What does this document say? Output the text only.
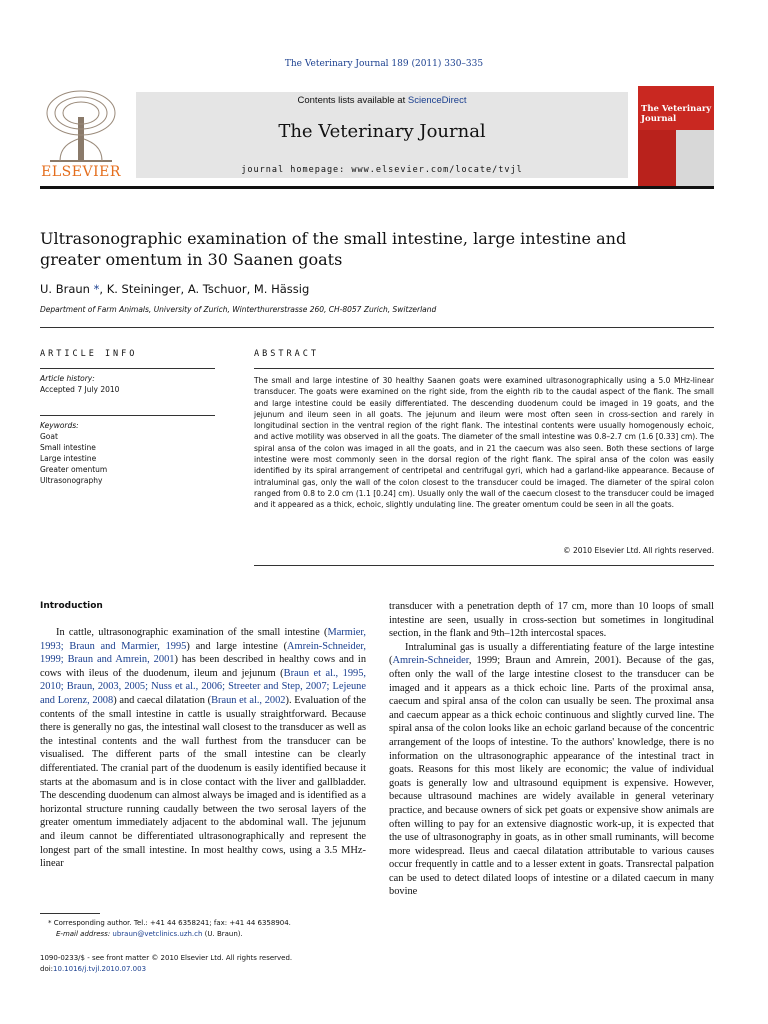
The Veterinary Journal 189 (2011) 330–335
ELSEVIER
Contents lists available at ScienceDirect
The Veterinary Journal
journal homepage: www.elsevier.com/locate/tvjl
The Veterinary Journal
Ultrasonographic examination of the small intestine, large intestine and greater omentum in 30 Saanen goats
U. Braun *, K. Steininger, A. Tschuor, M. Hässig
Department of Farm Animals, University of Zurich, Winterthurerstrasse 260, CH-8057 Zurich, Switzerland
ARTICLE INFO	ABSTRACT
Article history:
Accepted 7 July 2010
Keywords:
Goat
Small intestine
Large intestine
Greater omentum
Ultrasonography
The small and large intestine of 30 healthy Saanen goats were examined ultrasonographically using a 5.0 MHz-linear transducer. The goats were examined on the right side, from the eighth rib to the caudal aspect of the flank. The small and large intestine could be easily differentiated. The descending duodenum could be imaged in 19 goats, and the jejunum and ileum seen in all goats. The jejunum and ileum were most often seen in cross-section and rarely in longitudinal section in the ventral region of the right flank. The intestinal contents were usually homogenously echoic, and active motility was observed in all the goats. The diameter of the small intestine was 0.8–2.7 cm (1.6 [0.33] cm). The spiral ansa of the colon was imaged in all the goats, and in 21 the caecum was also seen. Both these sections of large intestine were most commonly seen in the dorsal region of the right flank. The spiral ansa of the colon was easily identified by its spiral arrangement of centripetal and centrifugal gyri, which had a garland-like appearance. Because of intraluminal gas, only the wall of the colon closest to the transducer could be imaged. The diameter of the spiral colon ranged from 0.8 to 2.0 cm (1.1 [0.24] cm). Usually only the wall of the caecum closest to the transducer could be imaged and it appeared as a thick, echoic, slightly undulating line. The greater omentum could be seen in all the goats.
© 2010 Elsevier Ltd. All rights reserved.
Introduction

In cattle, ultrasonographic examination of the small intestine (Marmier, 1993; Braun and Marmier, 1995) and large intestine (Amrein-Schneider, 1999; Braun and Amrein, 2001) has been described in healthy cows and in cows with ileus of the duodenum, ileum and jejunum (Braun et al., 1995, 2010; Braun, 2003, 2005; Nuss et al., 2006; Streeter and Step, 2007; Lejeune and Lorenz, 2008) and caecal dilatation (Braun et al., 2002). Evaluation of the contents of the small intestine in cattle is usually straightforward. Because there is generally no gas, the intestinal wall closest to the transducer as well as the intestinal contents and the wall furthest from the transducer can be visualised. The different parts of the small intestine can be clearly differentiated. The cranial part of the duodenum is easily identified because it starts at the abomasum and is in close contact with the liver and gallbladder. The descending duodenum can almost always be imaged and is identified as a horizontal structure running caudally between the two serosal layers of the greater omentum immediately adjacent to the abdominal wall. The jejunum and ileum cannot be differentiated ultrasonographically and represent the longest part of the small intestine. In most healthy cows, using a 3.5 MHz-linear

transducer with a penetration depth of 17 cm, more than 10 loops of small intestine are seen, usually in cross-section but sometimes in longitudinal section, in the flank and 9th–12th intercostal spaces.

Intraluminal gas is usually a differentiating feature of the large intestine (Amrein-Schneider, 1999; Braun and Amrein, 2001). Because of the gas, often only the wall of the large intestine closest to the transducer can be imaged and it appears as a thick echoic line. Parts of the proximal ansa, caecum and spiral ansa of the colon can usually be seen. The proximal ansa and caecum appear as a thick echoic continuous and slightly curved line. The spiral ansa of the colon looks like an echoic garland because of the concentric arrangement of the loops of intestine. To the authors' knowledge, there is no information on the ultrasonographic appearance of the intestinal tract in goats. Reasons for this most likely are economic; the value of individual goats is generally low and ultrasound equipment is expensive. However, because ultrasound machines are widely available in general veterinary practice, and because owners of sick pet goats or expensive show animals are often willing to pay for an extensive diagnostic work-up, it is expected that the use of ultrasonography in goats, as in other small ruminants, will become more widespread. Ileus and caecal dilatation attributable to various causes occur frequently in cattle and to a lesser extent in goats. Transrectal palpation can be used to detect dilated loops of intestine or a dilated caecum in many bovine

* Corresponding author. Tel.: +41 44 6358241; fax: +41 44 6358904.
E-mail address: ubraun@vetclinics.uzh.ch (U. Braun).
1090-0233/$ - see front matter © 2010 Elsevier Ltd. All rights reserved.
doi:10.1016/j.tvjl.2010.07.003
